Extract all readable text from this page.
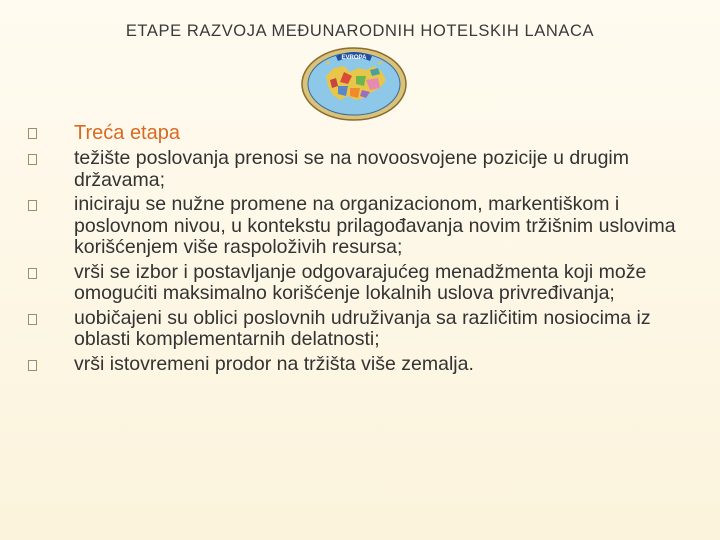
ETAPE RAZVOJA MEĐUNARODNIH HOTELSKIH LANACA
EVROPA
Treća etapa
težište poslovanja prenosi se na novoosvojene pozicije u drugim državama;
iniciraju se nužne promene na organizacionom, markentiškom i poslovnom nivou, u kontekstu prilagođavanja novim tržišnim uslovima korišćenjem više raspoloživih resursa;
vrši se izbor i postavljanje odgovarajućeg menadžmenta koji može omogućiti maksimalno korišćenje lokalnih uslova privređivanja;
uobičajeni su oblici poslovnih udruživanja sa različitim nosiocima iz oblasti komplementarnih delatnosti;
vrši istovremeni prodor na tržišta više zemalja.
